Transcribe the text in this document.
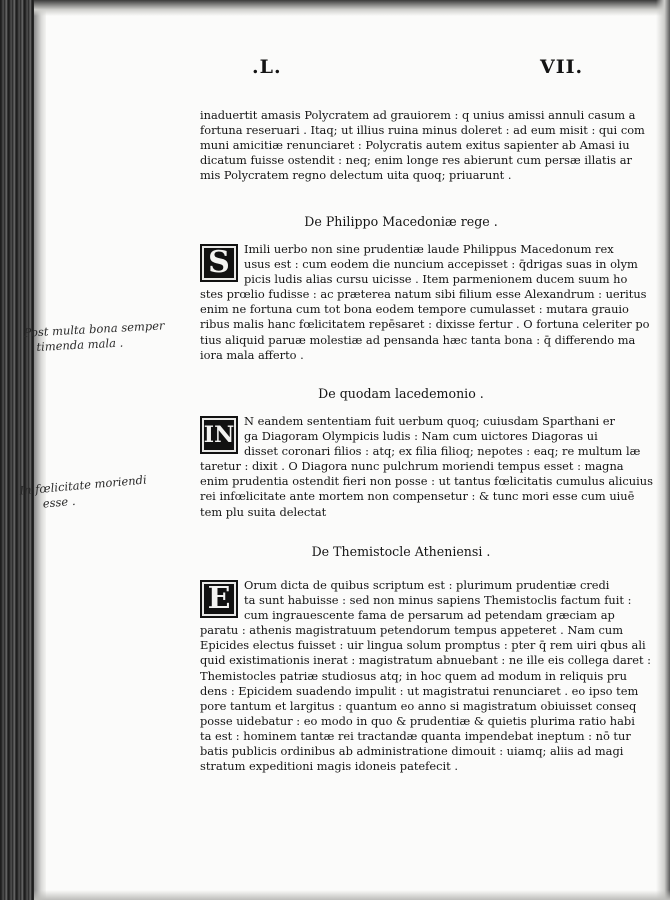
.L.	VII.
inaduertit amasis Polycratem ad grauiorem : q unius amissi annuli casum a
fortuna reseruari . Itaq; ut illius ruina minus doleret : ad eum misit : qui com
muni amicitiæ renunciaret : Polycratis autem exitus sapienter ab Amasi iu
dicatum fuisse ostendit : neq; enim longe res abierunt cum persæ illatis ar
mis Polycratem regno delectum uita quoq; priuarunt .
De Philippo Macedoniæ rege .
S	Imili uerbo non sine prudentiæ laude Philippus Macedonum rex
usus est : cum eodem die nuncium accepisset : q̄drigas suas in olym
picis ludis alias cursu uicisse . Item parmenionem ducem suum ho
stes prœlio fudisse : ac præterea natum sibi filium esse Alexandrum : ueritus
enim ne fortuna cum tot bona eodem tempore cumulasset : mutara grauio
ribus malis hanc fœlicitatem repēsaret : dixisse fertur . O fortuna celeriter po
tius aliquid paruæ molestiæ ad pensanda hæc tanta bona : q̄ differendo ma
iora mala afferto .
De quodam lacedemonio .
IN
N eandem sententiam fuit uerbum quoq; cuiusdam Sparthani er
ga Diagoram Olympicis ludis : Nam cum uictores Diagoras ui
disset coronari filios : atq; ex filia filioq; nepotes : eaq; re multum læ
taretur : dixit . O Diagora nunc pulchrum moriendi tempus esset : magna
enim prudentia ostendit fieri non posse : ut tantus fœlicitatis cumulus alicuius
rei infœlicitate ante mortem non compensetur : & tunc mori esse cum uiuē
tem plu suita delectat
De Themistocle Atheniensi .
E	Orum dicta de quibus scriptum est : plurimum prudentiæ credi
ta sunt habuisse : sed non minus sapiens Themistoclis factum fuit :
cum ingrauescente fama de persarum ad petendam græciam ap
paratu : athenis magistratuum petendorum tempus appeteret . Nam cum
Epicides electus fuisset : uir lingua solum promptus : pter q̄ rem uiri qbus ali
quid existimationis inerat : magistratum abnuebant : ne ille eis collega daret :
Themistocles patriæ studiosus atq; in hoc quem ad modum in reliquis pru
dens : Epicidem suadendo impulit : ut magistratui renunciaret . eo ipso tem
pore tantum et largitus : quantum eo anno si magistratum obiuisset conseq
posse uidebatur : eo modo in quo & prudentiæ & quietis plurima ratio habi
ta est : hominem tantæ rei tractandæ quanta impendebat ineptum : nō tur
batis publicis ordinibus ab administratione dimouit : uiamq; aliis ad magi
stratum expeditioni magis idoneis patefecit .
Post multa bona semper
timenda mala .
In fœlicitate moriendi
esse .
